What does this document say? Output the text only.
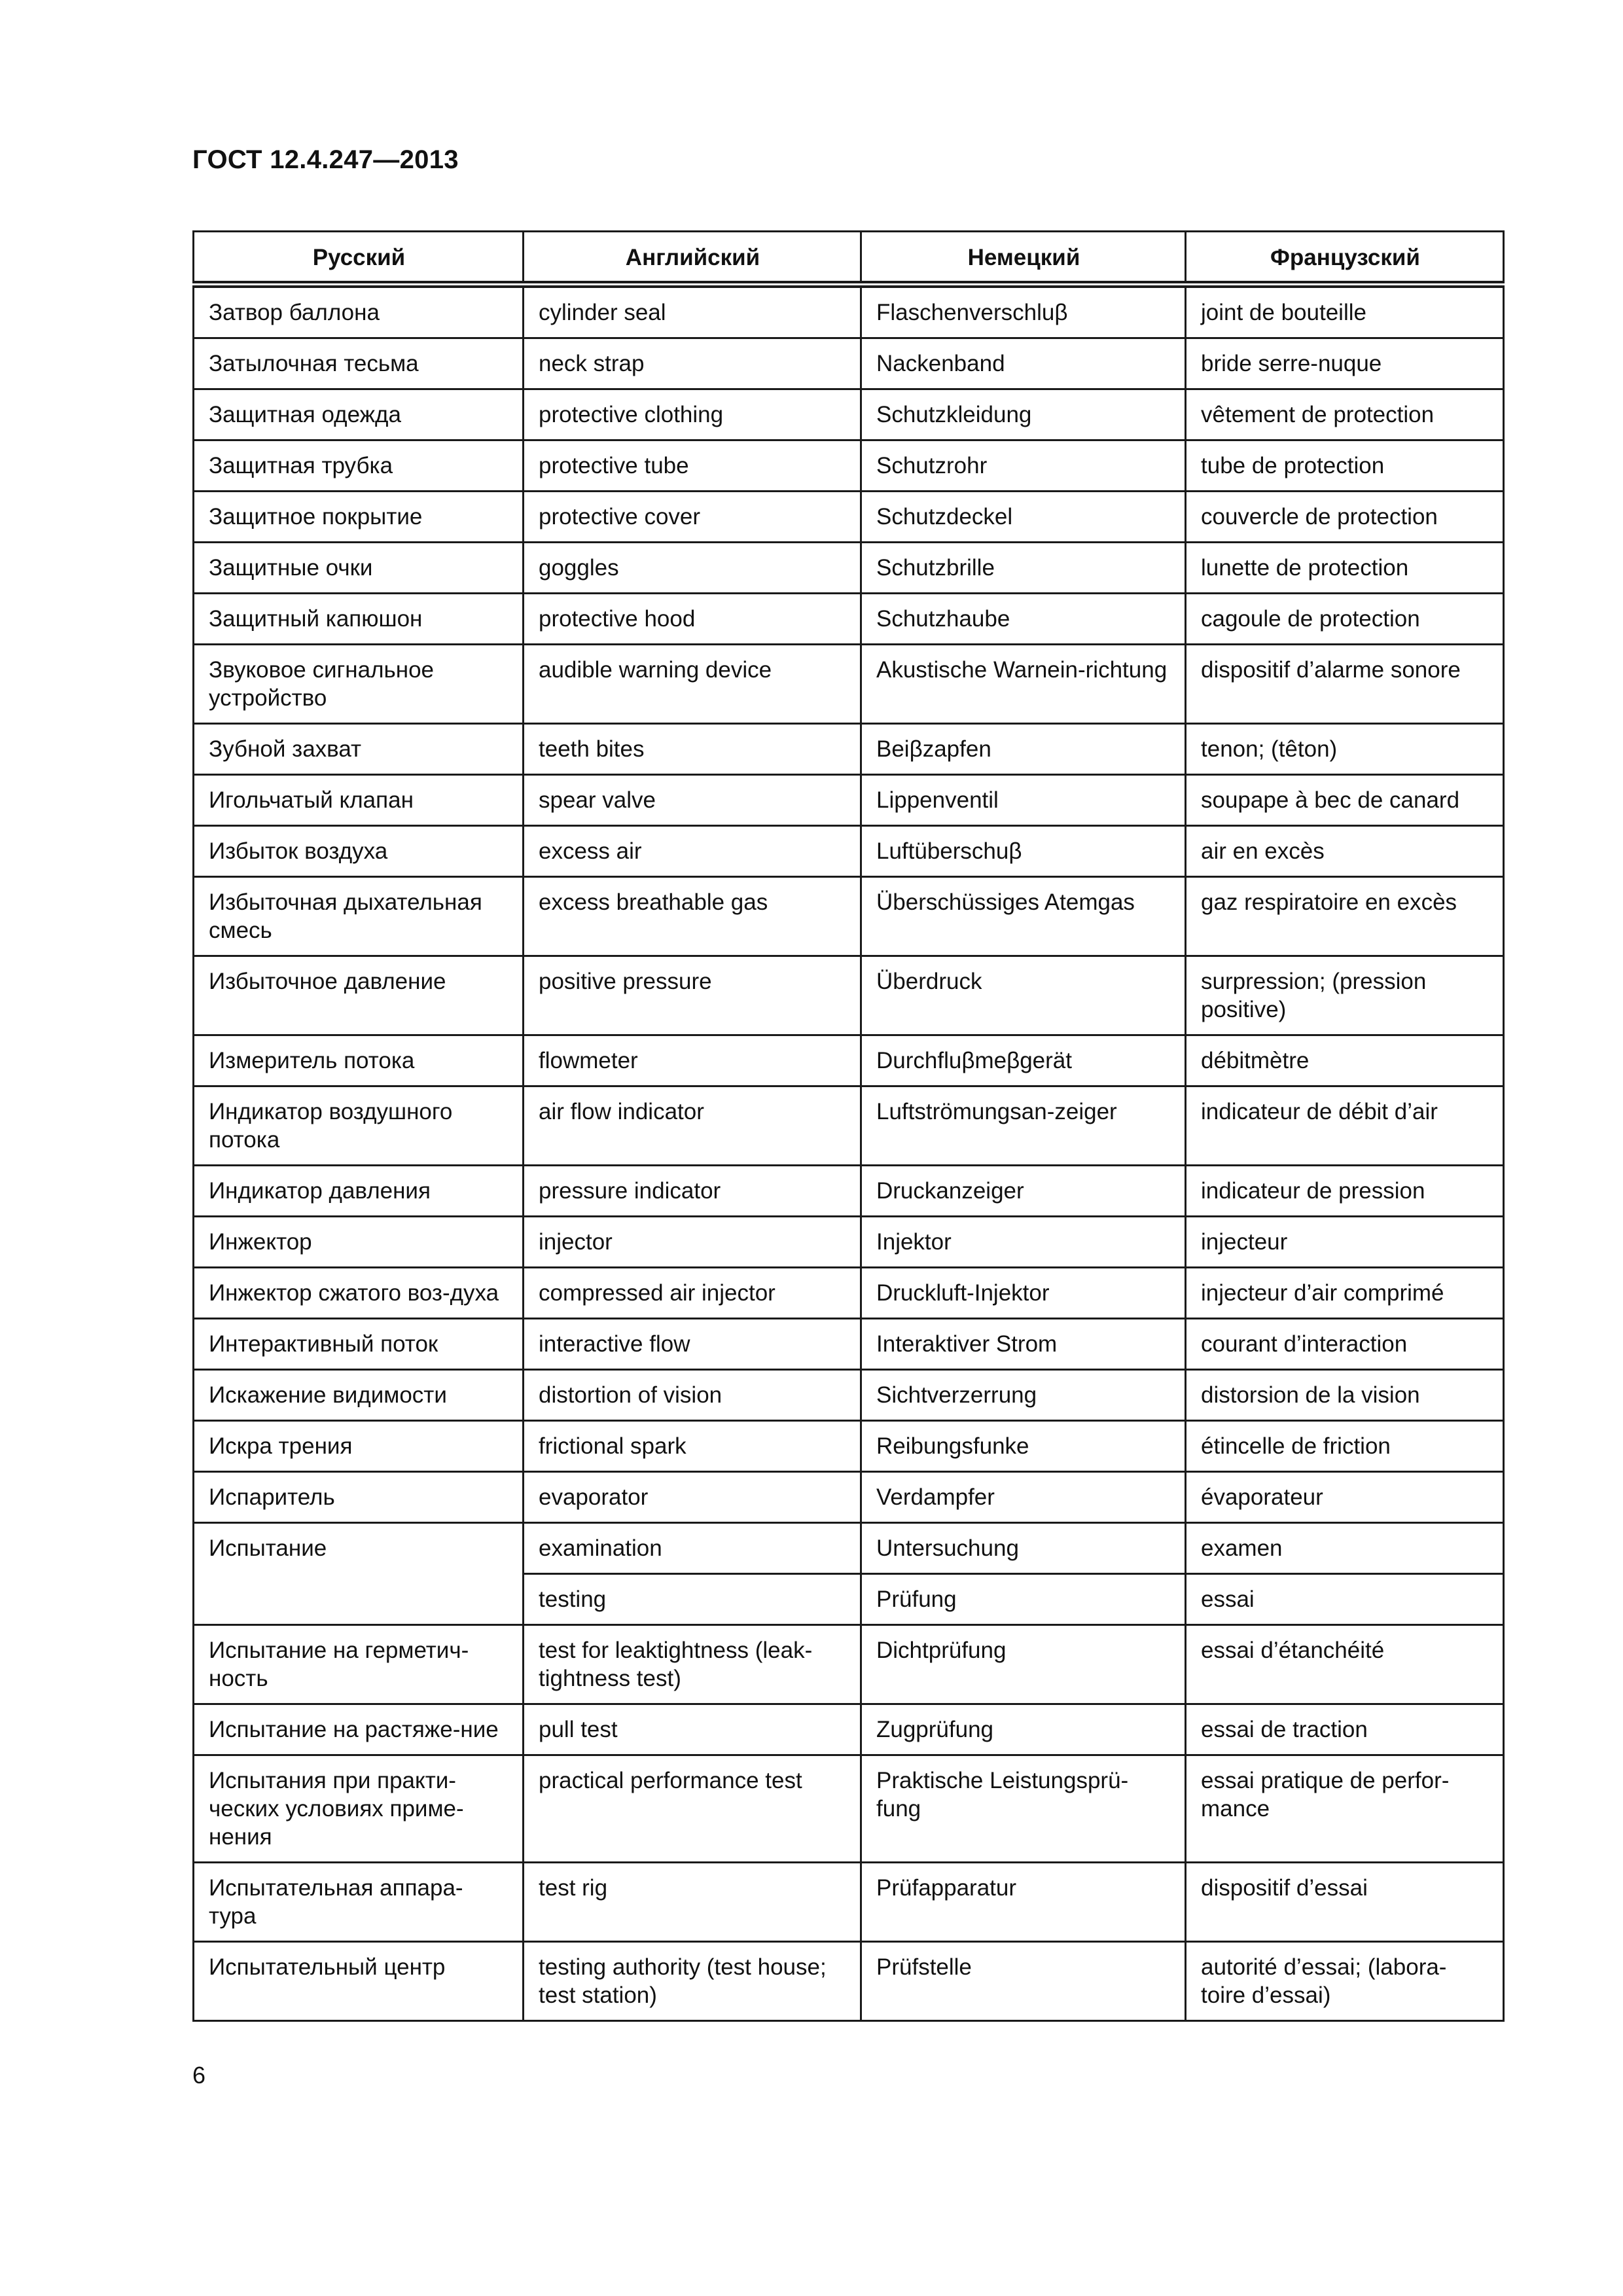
ГОСТ 12.4.247—2013
Русский	Английский	Немецкий	Французский
Затвор баллона	cylinder seal	Flaschenverschluβ	joint de bouteille
Затылочная тесьма	neck strap	Nackenband	bride serre-nuque
Защитная одежда	protective clothing	Schutzkleidung	vêtement de protection
Защитная трубка	protective tube	Schutzrohr	tube de protection
Защитное покрытие	protective cover	Schutzdeckel	couvercle de protection
Защитные очки	goggles	Schutzbrille	lunette de protection
Защитный капюшон	protective hood	Schutzhaube	cagoule de protection
Звуковое сигнальное устройство	audible warning device	Akustische Warnein-richtung	dispositif d’alarme sonore
Зубной захват	teeth bites	Beiβzapfen	tenon; (têton)
Игольчатый клапан	spear valve	Lippenventil	soupape à bec de canard
Избыток воздуха	excess air	Luftüberschuβ	air en excès
Избыточная дыхательная смесь	excess breathable gas	Überschüssiges Atemgas	gaz respiratoire en excès
Избыточное давление	positive pressure	Überdruck	surpression; (pression positive)
Измеритель потока	flowmeter	Durchfluβmeβgerät	débitmètre
Индикатор воздушного потока	air flow indicator	Luftströmungsan-zeiger	indicateur de débit d’air
Индикатор давления	pressure indicator	Druckanzeiger	indicateur de pression
Инжектор	injector	Injektor	injecteur
Инжектор сжатого воз-духа	compressed air injector	Druckluft-Injektor	injecteur d’air comprimé
Интерактивный поток	interactive flow	Interaktiver Strom	courant d’interaction
Искажение видимости	distortion of vision	Sichtverzerrung	distorsion de la vision
Искра трения	frictional spark	Reibungsfunke	étincelle de friction
Испаритель	evaporator	Verdampfer	évaporateur
Испытание	examination	Untersuchung	examen
	testing	Prüfung	essai
Испытание на герметич-ность	test for leaktightness (leak-tightness test)	Dichtprüfung	essai d’étanchéité
Испытание на растяже-ние	pull test	Zugprüfung	essai de traction
Испытания при практи-ческих условиях приме-нения	practical performance test	Praktische Leistungsprü-fung	essai pratique de perfor-mance
Испытательная аппара-тура	test rig	Prüfapparatur	dispositif d’essai
Испытательный центр	testing authority (test house; test station)	Prüfstelle	autorité d’essai; (labora-toire d’essai)
6
